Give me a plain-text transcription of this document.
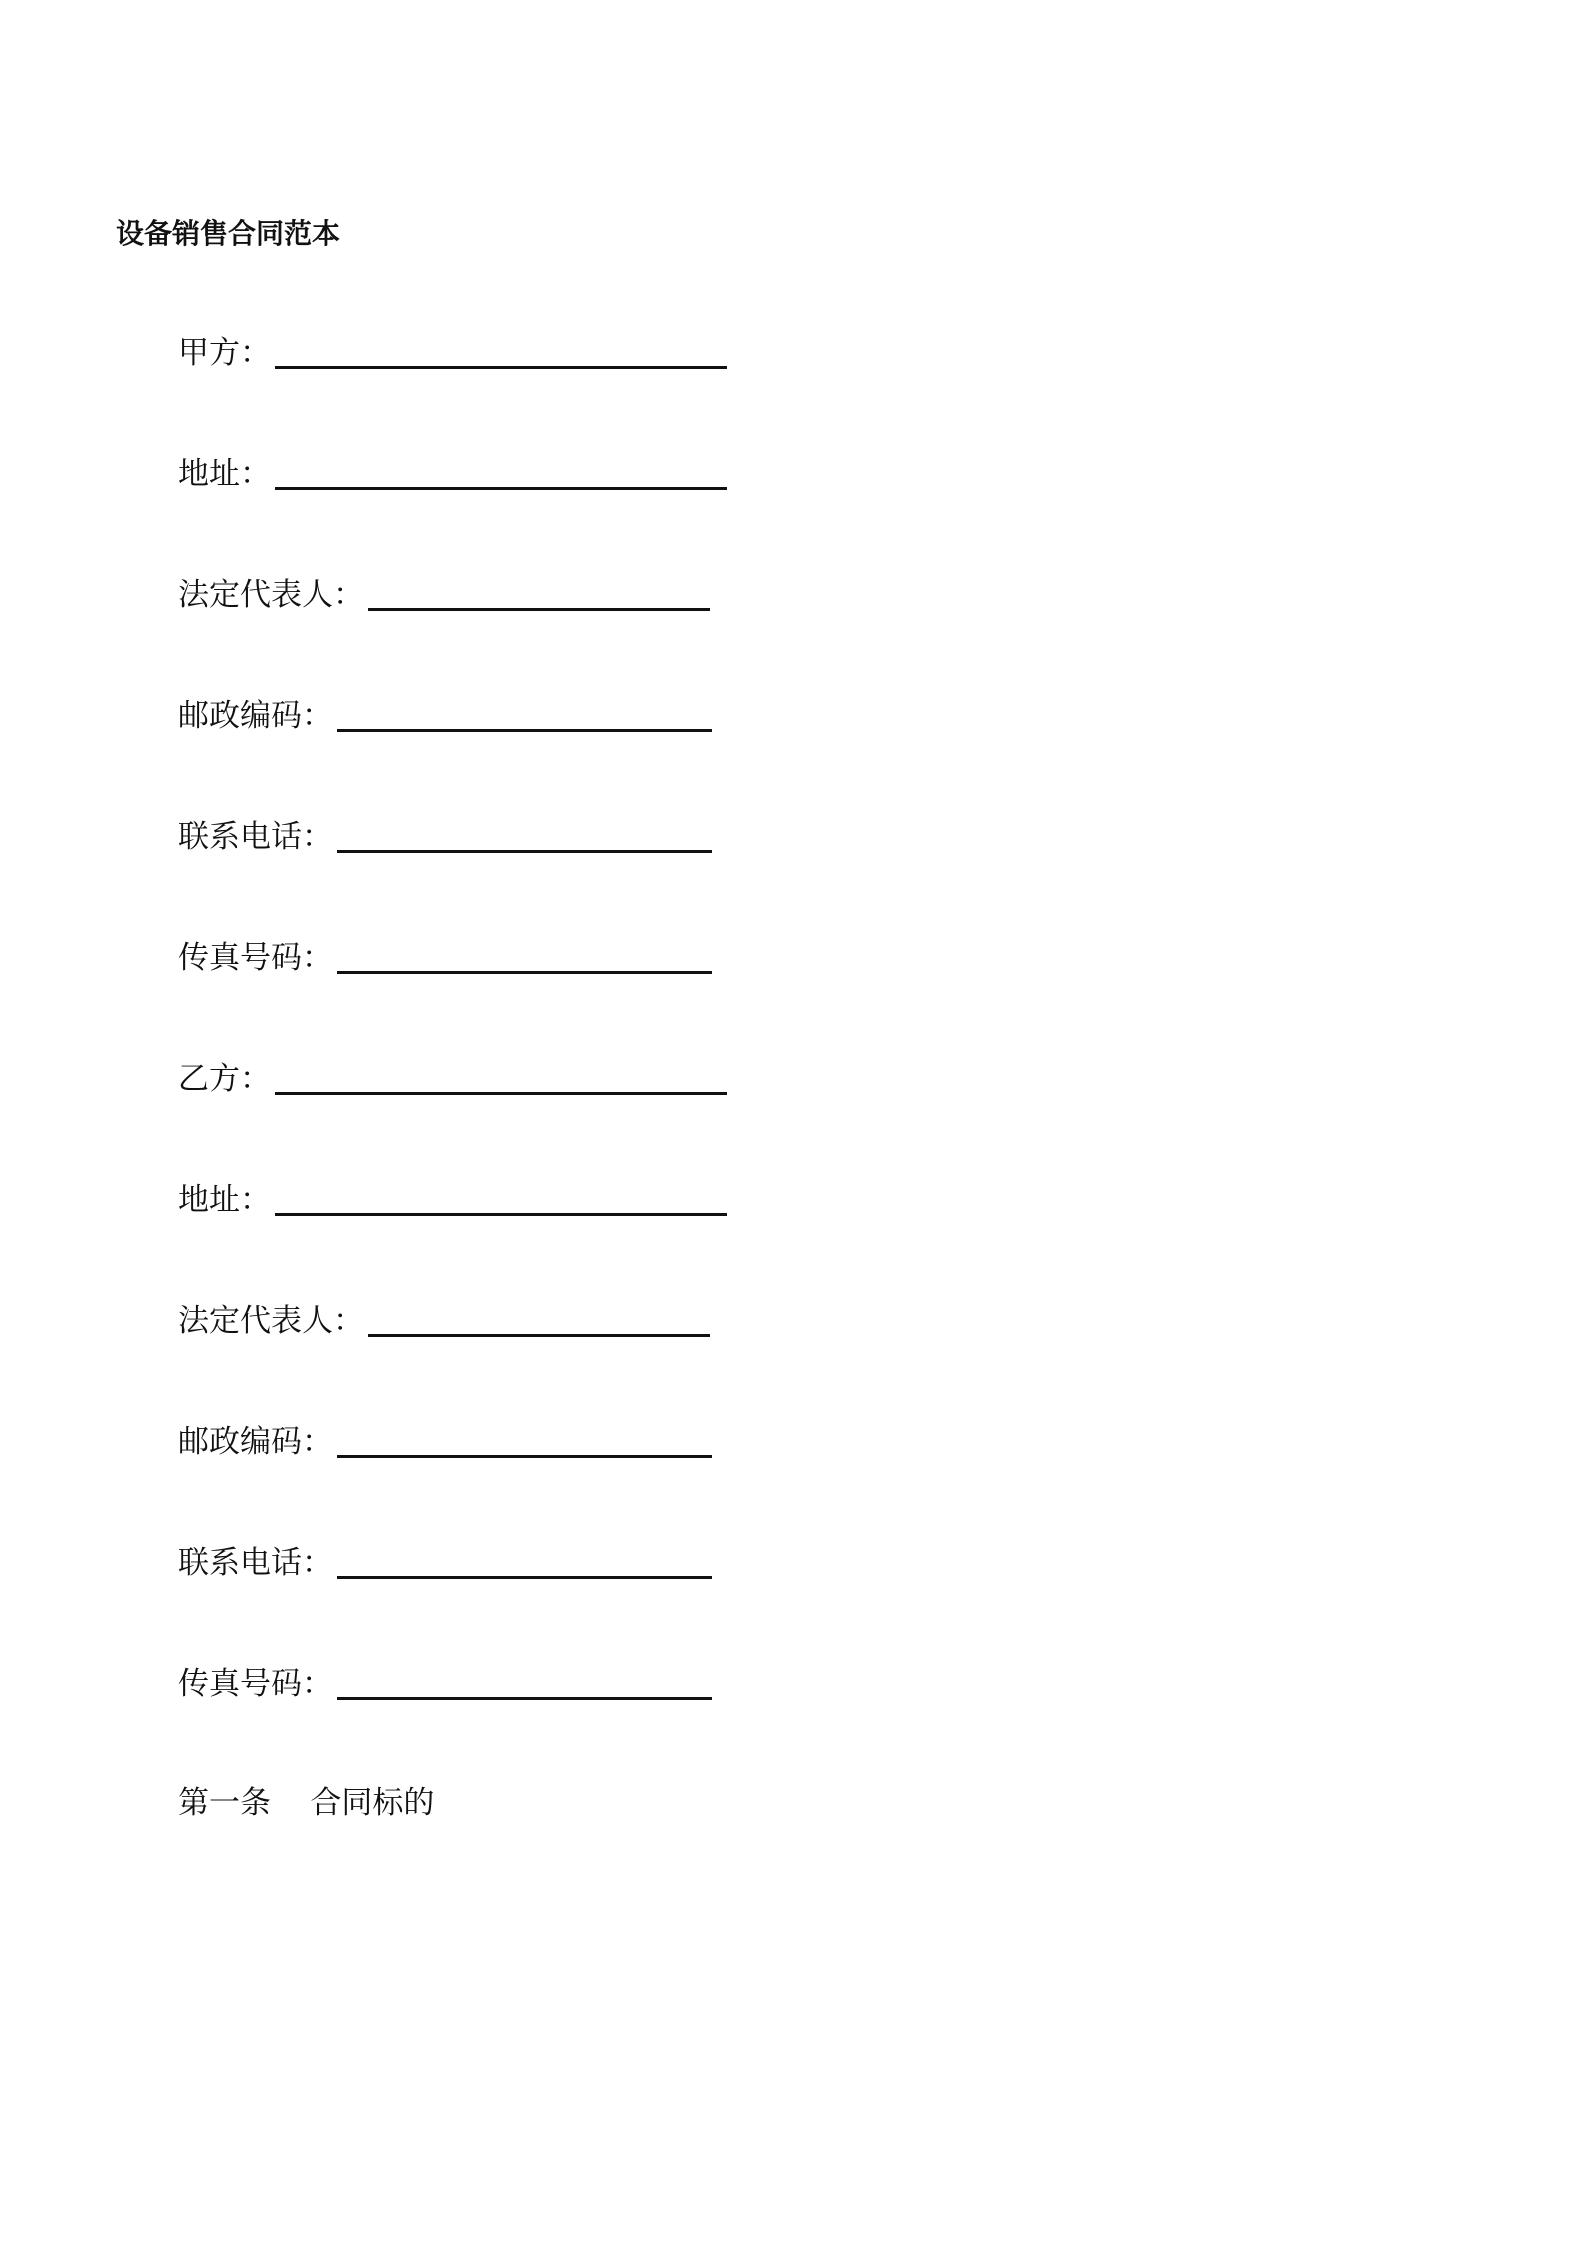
设备销售合同范本
甲方：
地址：
法定代表人：
邮政编码：
联系电话：
传真号码：
乙方：
地址：
法定代表人：
邮政编码：
联系电话：
传真号码：
第一条 合同标的
